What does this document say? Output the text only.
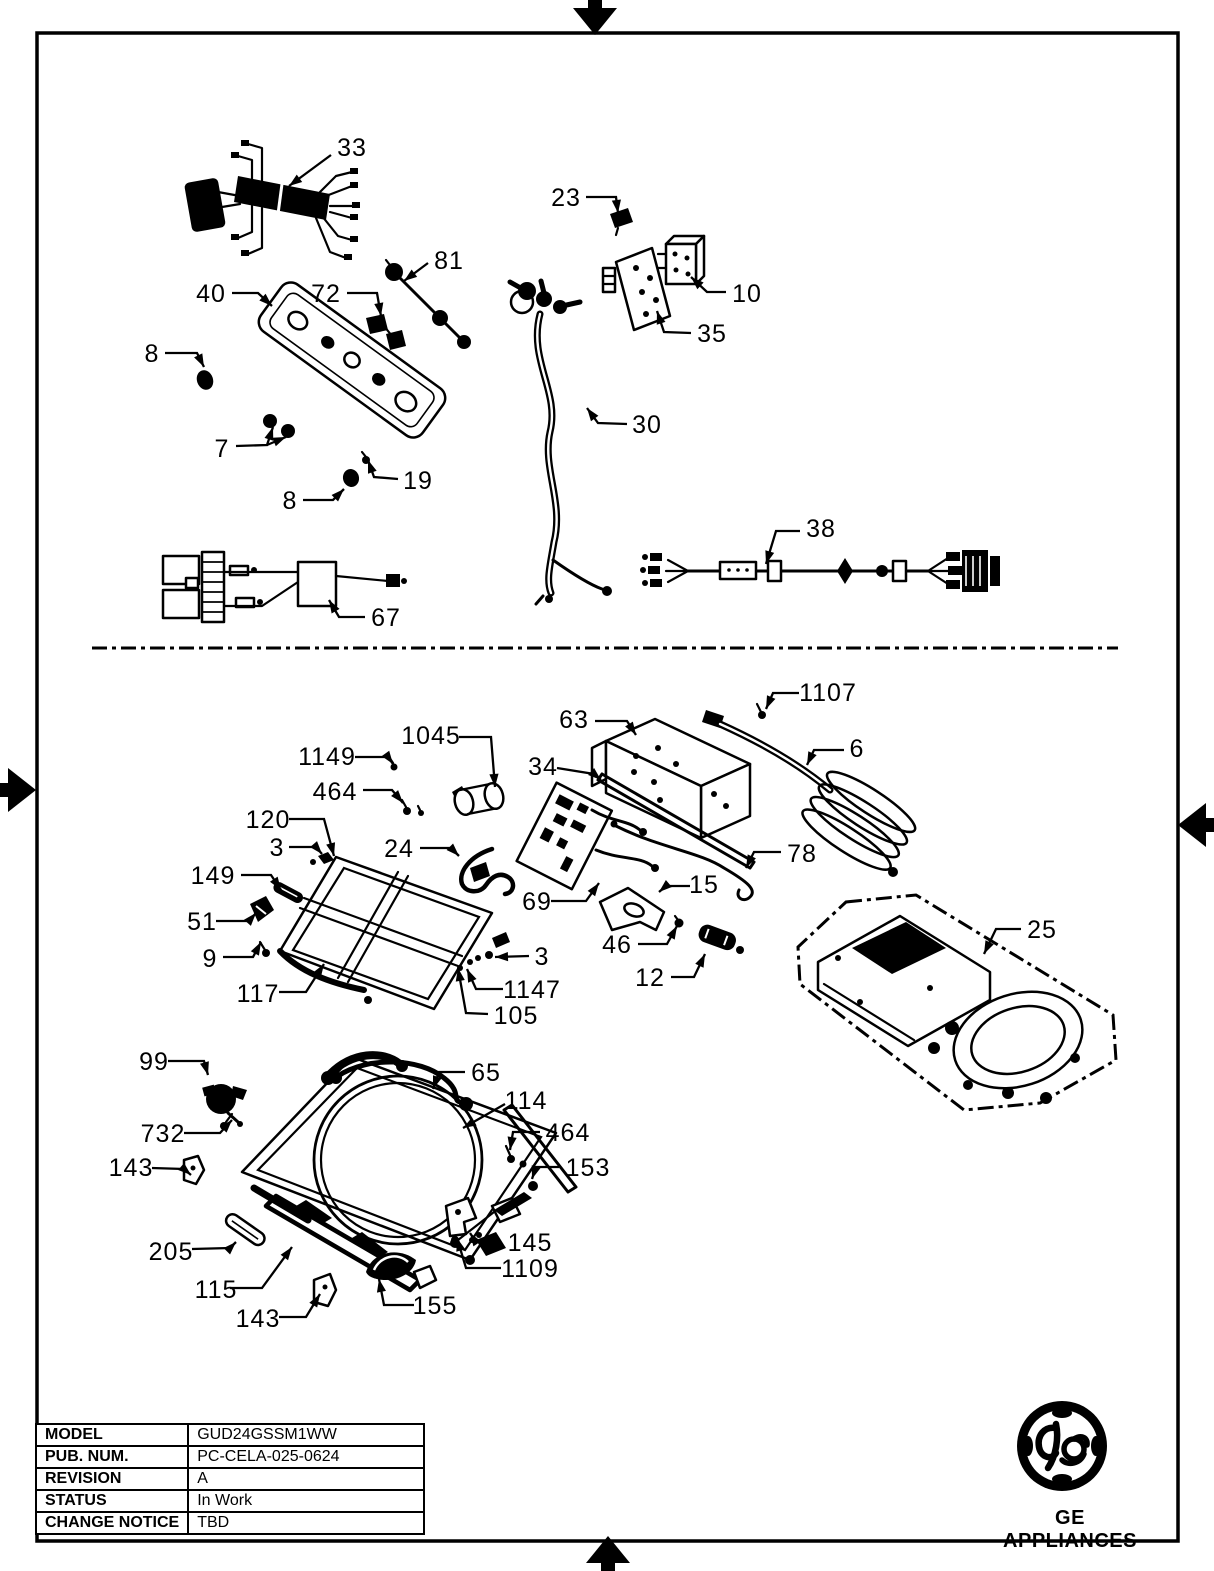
33
23
81
40	72	10
35
8
30
7
19
8
38
67
1107
63
1045
34
6
1149
464
120
3	24
149
78
51
69
15
9	46
3
12
1147
105
25
117
99	65
114
732	464
153
143
205	145
1109
115
143	155
MODEL	GUD24GSSM1WW
PUB. NUM.	PC-CELA-025-0624
REVISION	A
STATUS	In Work
CHANGE NOTICE	TBD	GE APPLIANCES
